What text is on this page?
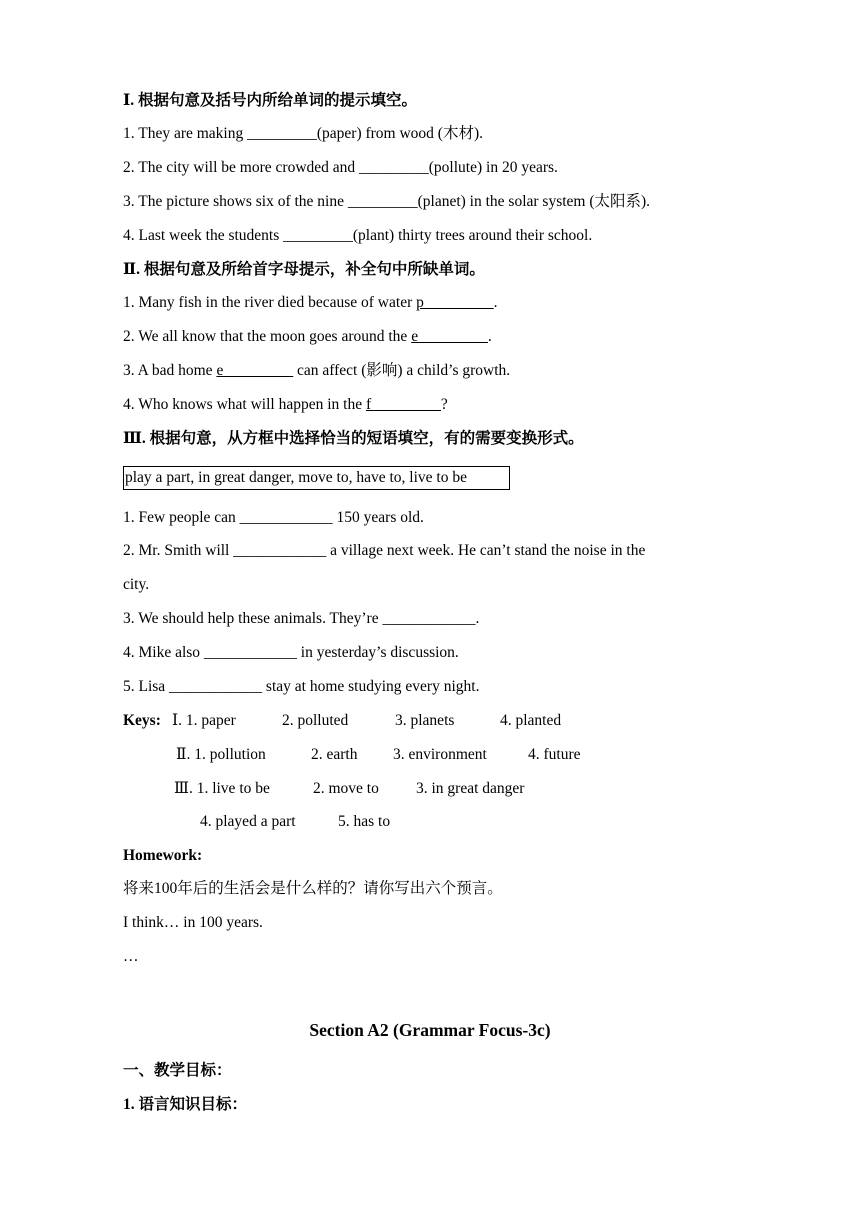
Ⅰ. 根据句意及括号内所给单词的提示填空。
1. They are making _________(paper) from wood (木材).
2. The city will be more crowded and _________(pollute) in 20 years.
3. The picture shows six of the nine _________(planet) in the solar system (太阳系).
4. Last week the students _________(plant) thirty trees around their school.
Ⅱ. 根据句意及所给首字母提示，补全句中所缺单词。
1. Many fish in the river died because of water p_________.
2. We all know that the moon goes around the e_________.
3. A bad home e_________ can affect (影响) a child’s growth.
4. Who knows what will happen in the f_________?
Ⅲ. 根据句意，从方框中选择恰当的短语填空，有的需要变换形式。
play a part, in great danger, move to, have to, live to be
1. Few people can ____________ 150 years old.
2. Mr. Smith will ____________ a village next week. He can’t stand the noise in the
city.
3. We should help these animals. They’re ____________.
4. Mike also ____________ in yesterday’s discussion.
5. Lisa ____________ stay at home studying every night.
Keys: Ⅰ. 1. paper	2. polluted	3. planets	4. planted
Ⅱ. 1. pollution	2. earth 3. environment	4. future
Ⅲ. 1. live to be	2. move to 3. in great danger
4. played a part	5. has to
Homework:
将来100年后的生活会是什么样的？请你写出六个预言。
I think… in 100 years.
…
Section A2 (Grammar Focus-3c)
一、教学目标：
1. 语言知识目标：
